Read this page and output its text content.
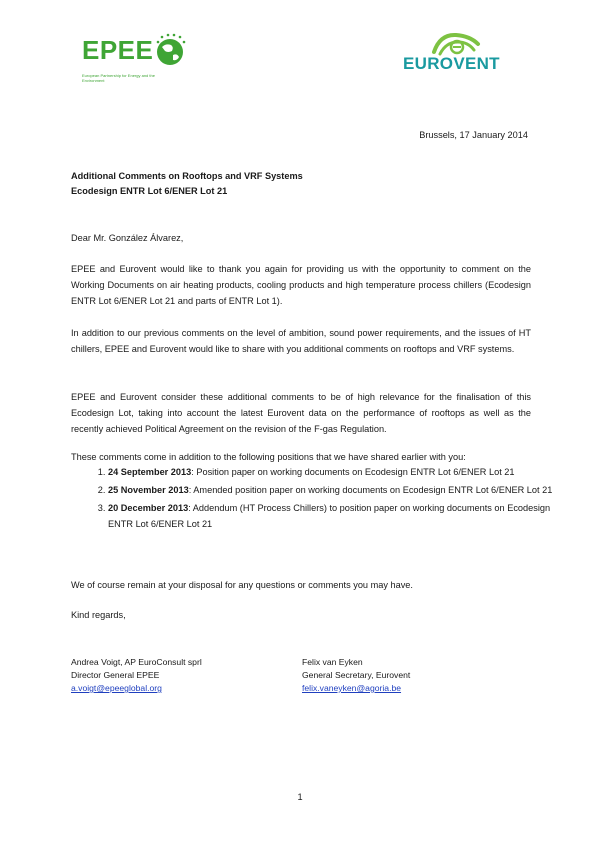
EPEE
European Partnership for Energy and the Environment
EUROVENT
Brussels, 17 January 2014
Additional Comments on Rooftops and VRF Systems
Ecodesign ENTR Lot 6/ENER Lot 21
Dear Mr. González Álvarez,
EPEE and Eurovent would like to thank you again for providing us with the opportunity to comment on the Working Documents on air heating products, cooling products and high temperature process chillers (Ecodesign ENTR Lot 6/ENER Lot 21 and parts of ENTR Lot 1).
In addition to our previous comments on the level of ambition, sound power requirements, and the issues of HT chillers, EPEE and Eurovent would like to share with you additional comments on rooftops and VRF systems.
EPEE and Eurovent consider these additional comments to be of high relevance for the finalisation of this Ecodesign Lot, taking into account the latest Eurovent data on the performance of rooftops as well as the recently achieved Political Agreement on the revision of the F-gas Regulation.
These comments come in addition to the following positions that we have shared earlier with you:
1. 24 September 2013: Position paper on working documents on Ecodesign ENTR Lot 6/ENER Lot 21
2. 25 November 2013: Amended position paper on working documents on Ecodesign ENTR Lot 6/ENER Lot 21
3. 20 December 2013: Addendum (HT Process Chillers) to position paper on working documents on Ecodesign ENTR Lot 6/ENER Lot 21
We of course remain at your disposal for any questions or comments you may have.
Kind regards,
Andrea Voigt, AP EuroConsult sprl
Director General EPEE
a.voigt@epeeglobal.org
Felix van Eyken
General Secretary, Eurovent
felix.vaneyken@agoria.be
1
